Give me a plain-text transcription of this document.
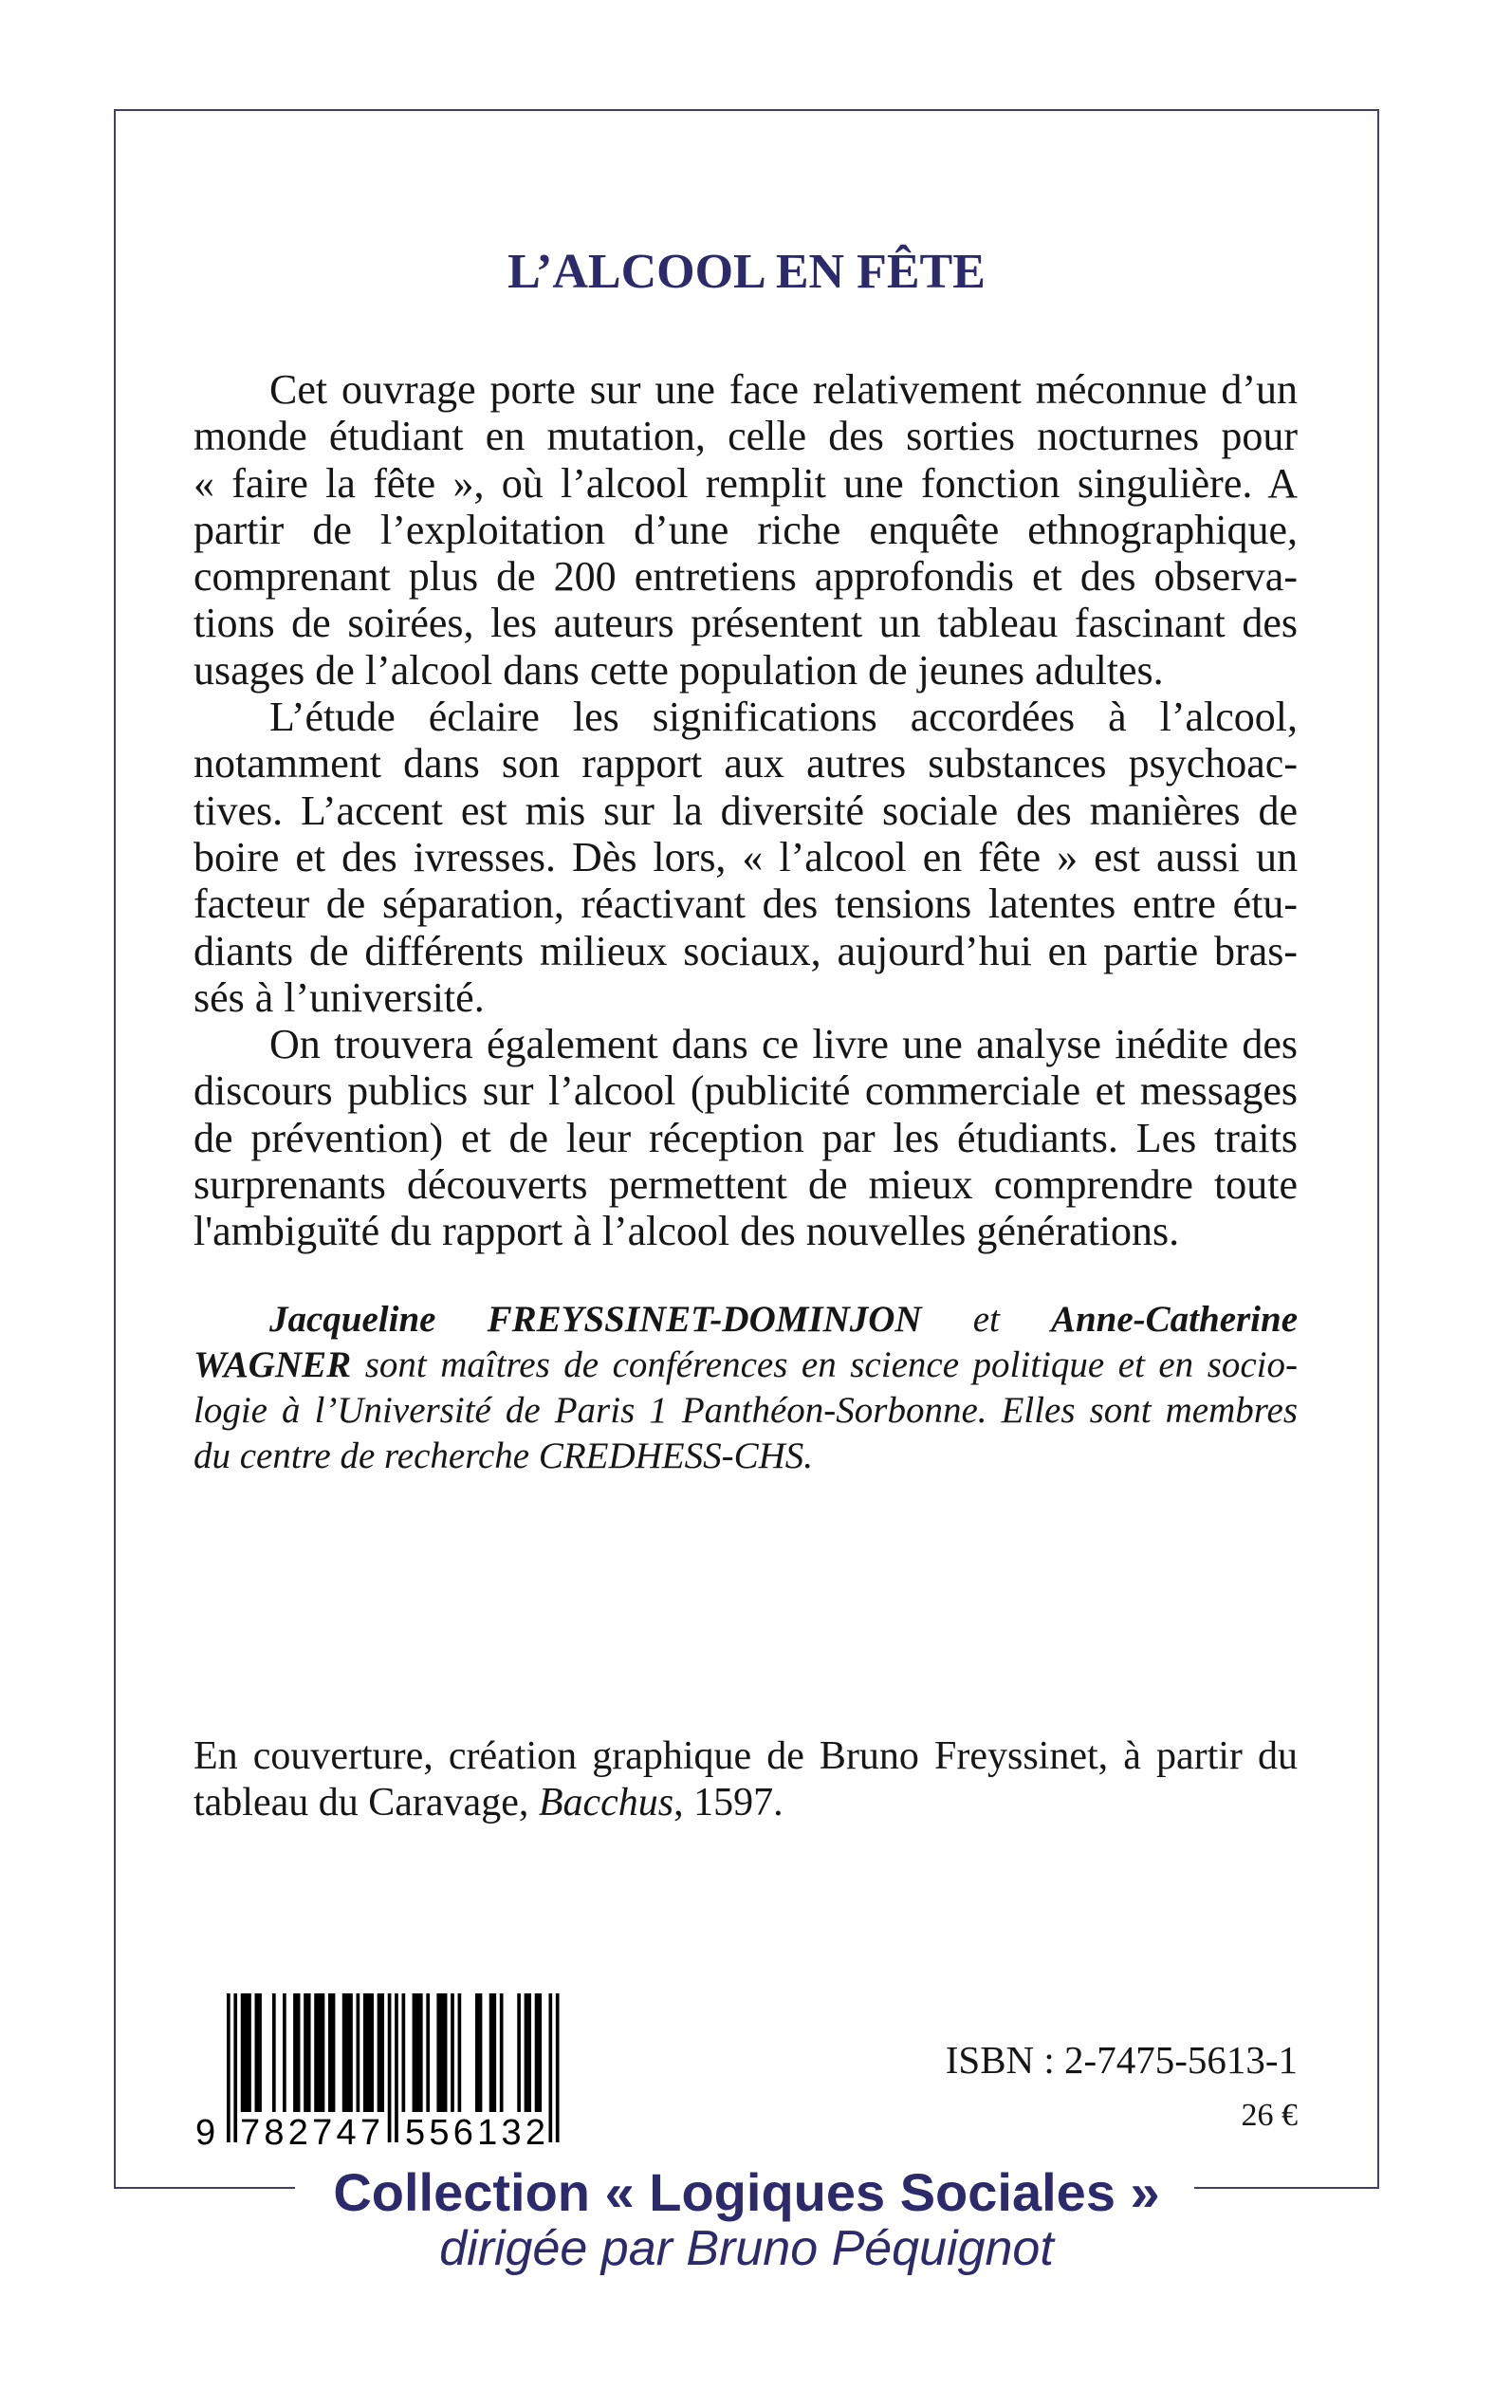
L’ALCOOL EN FÊTE
Cet ouvrage porte sur une face relativement méconnue d’un
monde étudiant en mutation, celle des sorties nocturnes pour
« faire la fête », où l’alcool remplit une fonction singulière. A
partir de l’exploitation d’une riche enquête ethnographique,
comprenant plus de 200 entretiens approfondis et des observa-
tions de soirées, les auteurs présentent un tableau fascinant des
usages de l’alcool dans cette population de jeunes adultes.
L’étude éclaire les significations accordées à l’alcool,
notamment dans son rapport aux autres substances psychoac-
tives. L’accent est mis sur la diversité sociale des manières de
boire et des ivresses. Dès lors, « l’alcool en fête » est aussi un
facteur de séparation, réactivant des tensions latentes entre étu-
diants de différents milieux sociaux, aujourd’hui en partie bras-
sés à l’université.
On trouvera également dans ce livre une analyse inédite des
discours publics sur l’alcool (publicité commerciale et messages
de prévention) et de leur réception par les étudiants. Les traits
surprenants découverts permettent de mieux comprendre toute
l'ambiguïté du rapport à l’alcool des nouvelles générations.
Jacqueline FREYSSINET-DOMINJON et Anne-Catherine
WAGNER sont maîtres de conférences en science politique et en socio-
logie à l’Université de Paris 1 Panthéon-Sorbonne. Elles sont membres
du centre de recherche CREDHESS-CHS.
En couverture, création graphique de Bruno Freyssinet, à partir du
tableau du Caravage, Bacchus, 1597.
9 782747 556132
ISBN : 2-7475-5613-1
26 €
Collection « Logiques Sociales »
dirigée par Bruno Péquignot
